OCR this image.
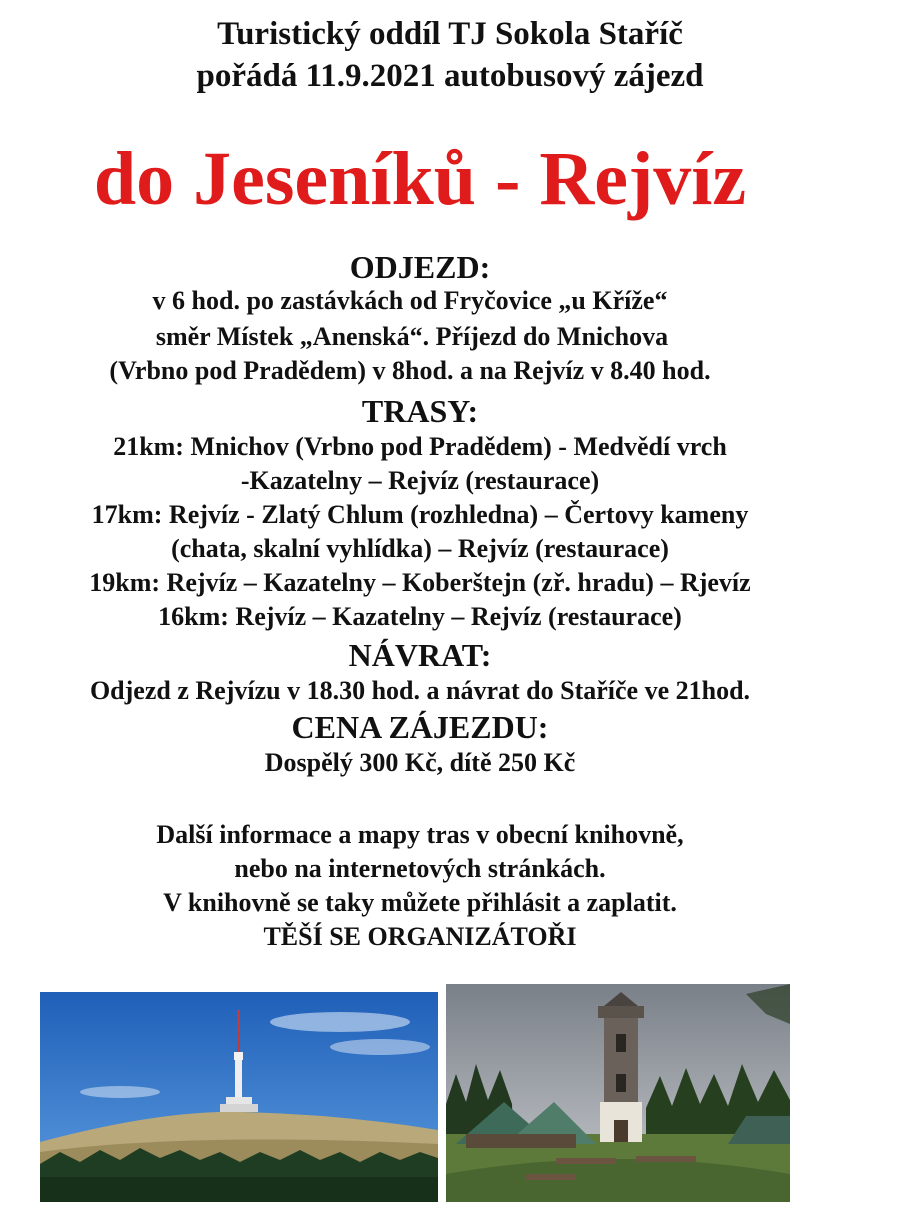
Turistický oddíl TJ Sokola Staříč
pořádá 11.9.2021 autobusový zájezd
do Jeseníků - Rejvíz
ODJEZD:
v 6 hod. po zastávkách od Fryčovice „u Kříže“
směr Místek „Anenská“. Příjezd do Mnichova
(Vrbno pod Pradědem) v 8hod. a na Rejvíz v 8.40 hod.
TRASY:
21km: Mnichov (Vrbno pod Pradědem) - Medvědí vrch
-Kazatelny – Rejvíz (restaurace)
17km: Rejvíz - Zlatý Chlum (rozhledna) – Čertovy kameny
(chata, skalní vyhlídka) – Rejvíz (restaurace)
19km: Rejvíz – Kazatelny – Koberštejn (zř. hradu) – Rjevíz
16km: Rejvíz – Kazatelny – Rejvíz (restaurace)
NÁVRAT:
Odjezd z Rejvízu v 18.30 hod. a návrat do Staříče ve 21hod.
CENA ZÁJEZDU:
Dospělý 300 Kč, dítě 250 Kč
Další informace a mapy tras v obecní knihovně,
nebo na internetových stránkách.
V knihovně se taky můžete přihlásit a zaplatit.
TĚŠÍ SE ORGANIZÁTOŘI
